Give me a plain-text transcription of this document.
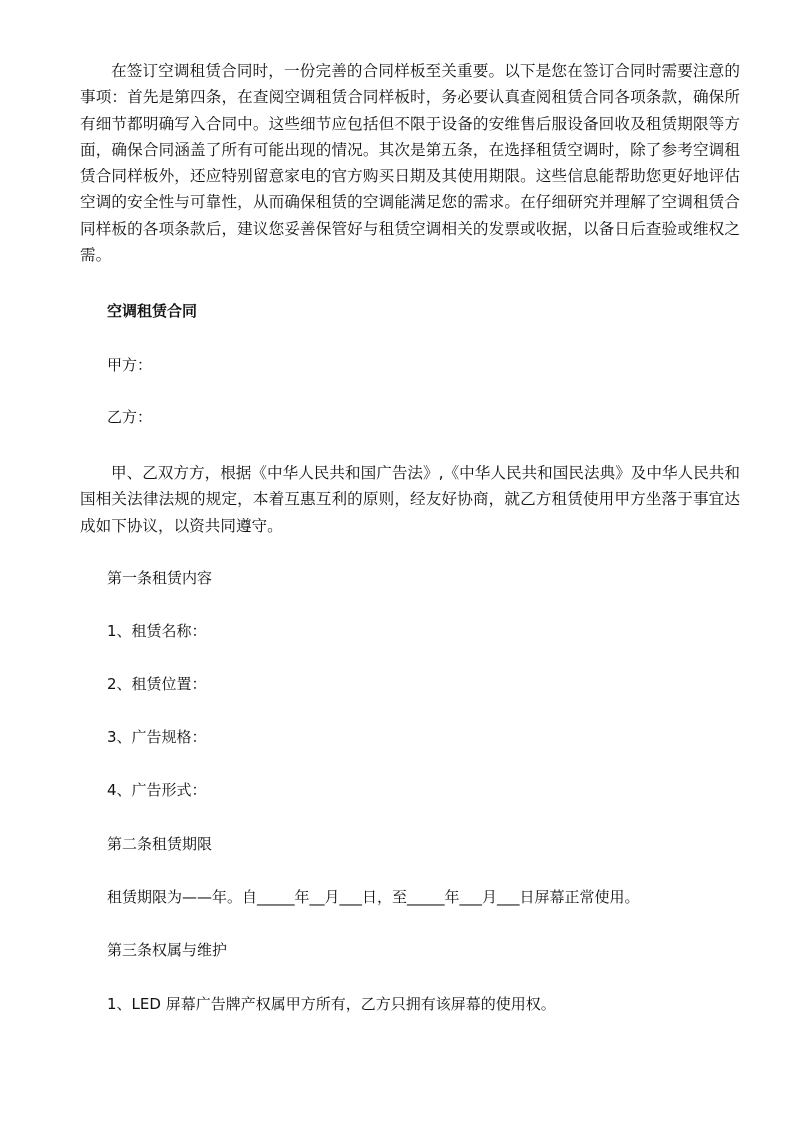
在签订空调租赁合同时，一份完善的合同样板至关重要。以下是您在签订合同时需要注意的事项：首先是第四条，在查阅空调租赁合同样板时，务必要认真查阅租赁合同各项条款，确保所有细节都明确写入合同中。这些细节应包括但不限于设备的安维售后服设备回收及租赁期限等方面，确保合同涵盖了所有可能出现的情况。其次是第五条，在选择租赁空调时，除了参考空调租赁合同样板外，还应特别留意家电的官方购买日期及其使用期限。这些信息能帮助您更好地评估空调的安全性与可靠性，从而确保租赁的空调能满足您的需求。在仔细研究并理解了空调租赁合同样板的各项条款后，建议您妥善保管好与租赁空调相关的发票或收据，以备日后查验或维权之需。

空调租赁合同

甲方：

乙方：

甲、乙双方方，根据《中华人民共和国广告法》,《中华人民共和国民法典》及中华人民共和国相关法律法规的规定，本着互惠互利的原则，经友好协商，就乙方租赁使用甲方坐落于事宜达成如下协议，以资共同遵守。

第一条租赁内容

1、租赁名称：

2、租赁位置：

3、广告规格：

4、广告形式：

第二条租赁期限

租赁期限为——年。自_____年__月___日，至_____年___月___日屏幕正常使用。

第三条权属与维护

1、LED 屏幕广告牌产权属甲方所有，乙方只拥有该屏幕的使用权。
